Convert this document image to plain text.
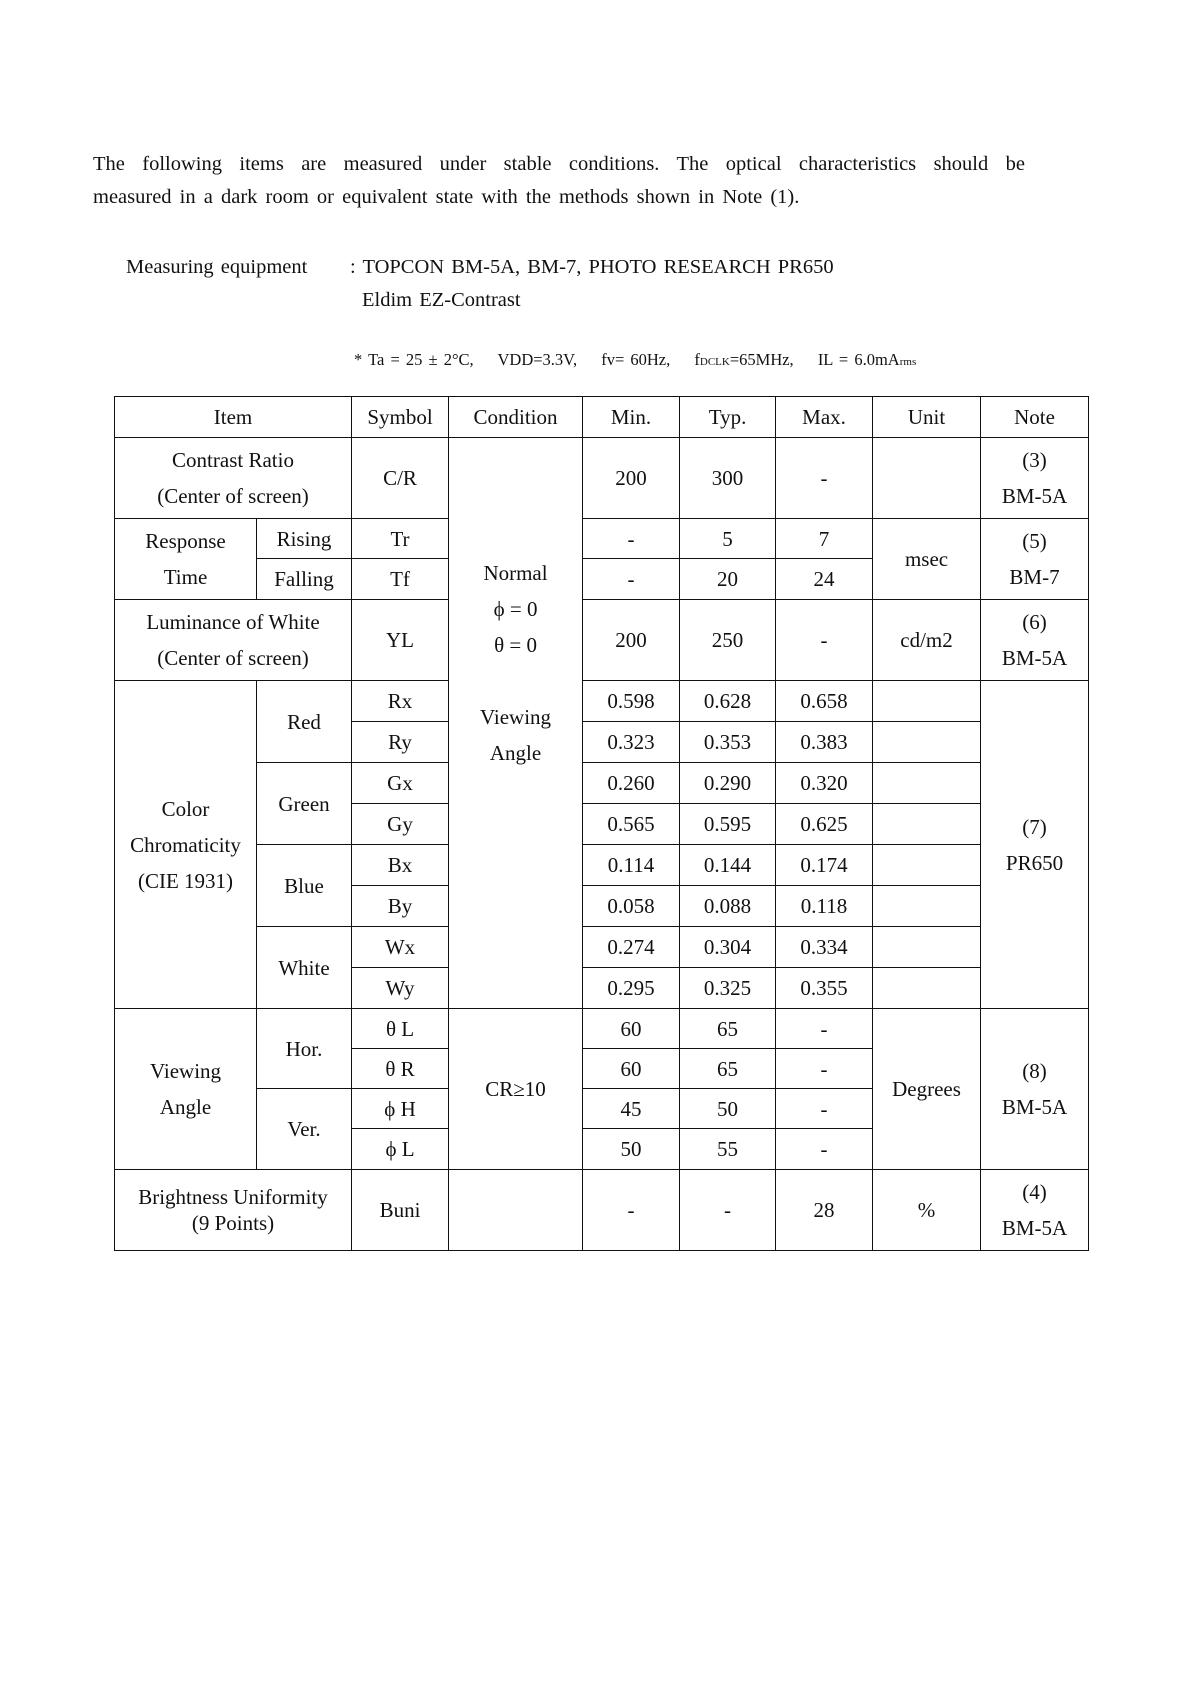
The following items are measured under stable conditions. The optical characteristics should be

measured in a dark room or equivalent state with the methods shown in Note (1).

Measuring equipment	: TOPCON BM-5A, BM-7, PHOTO RESEARCH PR650
Eldim EZ-Contrast
* Ta = 25 ± 2°C, VDD=3.3V, fv= 60Hz, fDCLK=65MHz, IL = 6.0mArms
Item		Symbol	Condition	Min.	Typ.	Max.	Unit	Note

Contrast Ratio
(Center of screen)		C/R	Normal
ϕ = 0
θ = 0
Viewing
Angle	200	300	-		(3)
BM-5A

Response
Time	Rising	Tr		-	5	7	msec	(5)
BM-7

	Falling	Tf		-	20	24		

Luminance of White
(Center of screen)		YL		200	250	-	cd/m2	(6)
BM-5A

Color
Chromaticity
(CIE 1931)	Red	Rx		0.598	0.628	0.658		(7)
PR650

		Ry		0.323	0.353	0.383		
	Green	Gx		0.260	0.290	0.320		
		Gy		0.565	0.595	0.625		
	Blue	Bx		0.114	0.144	0.174		
		By		0.058	0.088	0.118		
	White	Wx		0.274	0.304	0.334		
		Wy		0.295	0.325	0.355		

Viewing
Angle	Hor.	θ L	CR≥10	60	65	-	Degrees	(8)
BM-5A

		θ R		60	65	-		
	Ver.	ϕ H		45	50	-		
		ϕ L		50	55	-		

Brightness Uniformity
(9 Points)		Buni		-	-	28	%	(4)
BM-5A
